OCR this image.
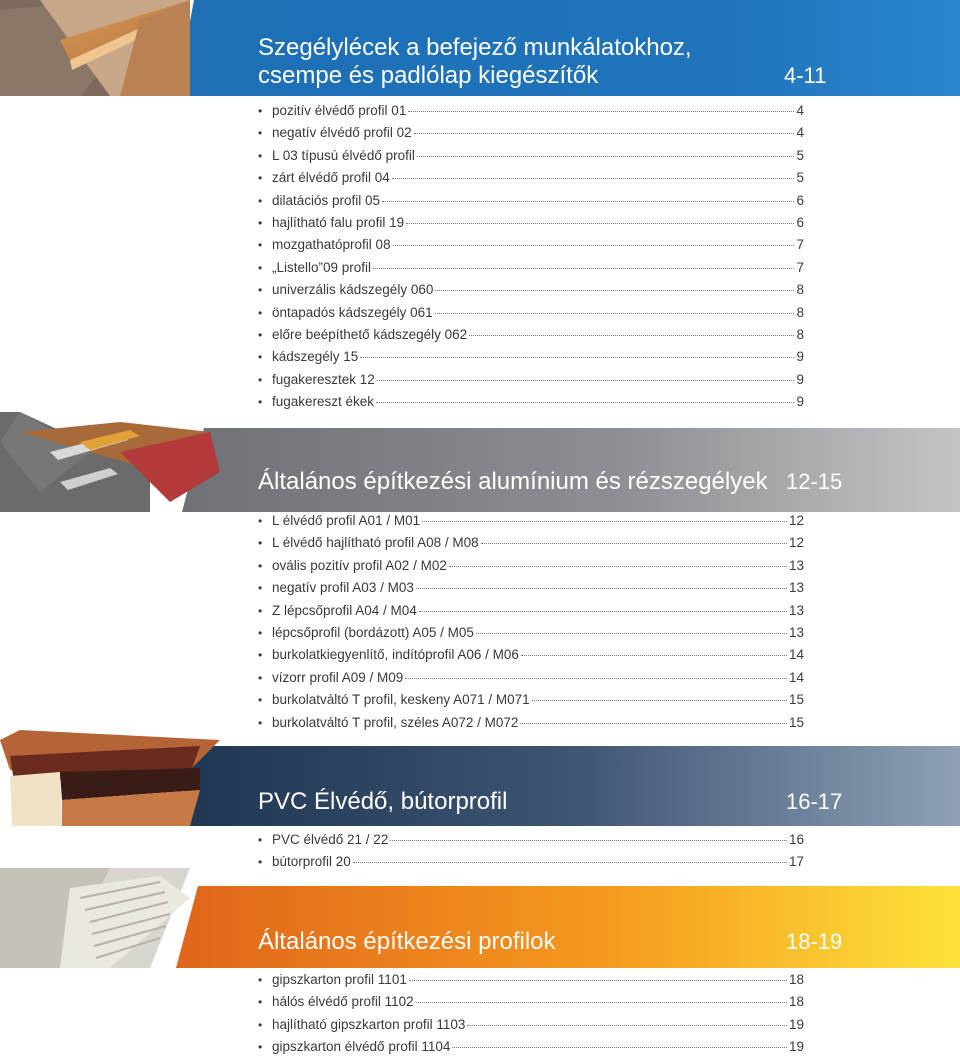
Szegélylécek a befejező munkálatokhoz,
csempe és padlólap kiegészítők	4-11
• pozitív élvédő profil 01	4
• negatív élvédő profil 02	4
• L 03 típusú élvédő profil	5
• zárt élvédő profil 04	5
• dilatációs profil 05	6
• hajlítható falu profil 19	6
• mozgathatóprofil 08	7
• „Listello”09 profil	7
• univerzális kádszegély 060	8
• öntapadós kádszegély 061	8
• előre beépíthető kádszegély 062	8
• kádszegély 15	9
• fugakeresztek 12	9
• fugakereszt ékek	9
Általános építkezési alumínium és rézszegélyek 12-15
• L élvédő profil A01 / M01	12
• L élvédő hajlítható profil A08 / M08	12
• ovális pozitív profil A02 / M02	13
• negatív profil A03 / M03	13
• Z lépcsőprofil A04 / M04	13
• lépcsőprofil (bordázott) A05 / M05	13
• burkolatkiegyenlítő, indítóprofil A06 / M06	14
• vízorr profil A09 / M09	14
• burkolatváltó T profil, keskeny A071 / M071	15
• burkolatváltó T profil, széles A072 / M072	15
PVC Élvédő, bútorprofil	16-17
• PVC élvédő 21 / 22	16
• bútorprofil 20	17
Általános építkezési profilok	18-19
• gipszkarton profil 1101	18
• hálós élvédő profil 1102	18
• hajlítható gipszkarton profil 1103	19
• gipszkarton élvédő profil 1104	19
